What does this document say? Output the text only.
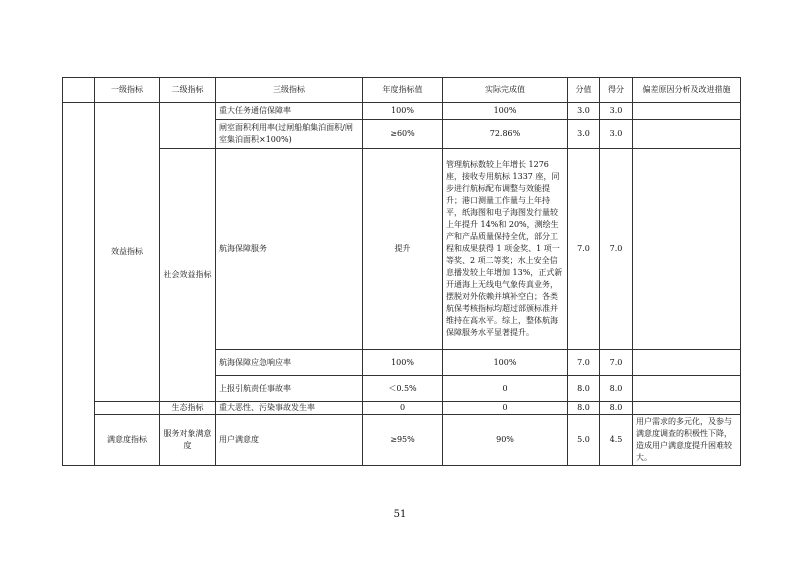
	一级指标	二级指标	三级指标	年度指标值	实际完成值	分值	得分	偏差原因分析及改进措施
	效益指标		重大任务通信保障率	100%	100%	3.0	3.0	
			闸室面积利用率(过闸船舶集泊面积/闸室集泊面积×100%)	≥60%	72.86%	3.0	3.0	
		社会效益指标	航海保障服务	提升	管理航标数较上年增长 1276 座，接收专用航标 1337 座，同步进行航标配布调整与效能提升；港口测量工作量与上年持平，纸海图和电子海图发行量较上年提升 14%和 20%，测绘生产和产品质量保持全优，部分工程和成果获得 1 项金奖、1 项一等奖、2 项二等奖；水上安全信息播发较上年增加 13%，正式新开通海上无线电气象传真业务，摆脱对外依赖并填补空白；各类航保考核指标均超过部颁标准并维持在高水平。综上，整体航海保障服务水平显著提升。	7.0	7.0	
			航海保障应急响应率	100%	100%	7.0	7.0	
			上报引航责任事故率	＜0.5%	0	8.0	8.0	
		生态指标	重大恶性、污染事故发生率	0	0	8.0	8.0	
	满意度指标	服务对象满意度	用户满意度	≥95%	90%	5.0	4.5	用户需求的多元化，及参与满意度调查的积极性下降，造成用户满意度提升困难较大。
51
